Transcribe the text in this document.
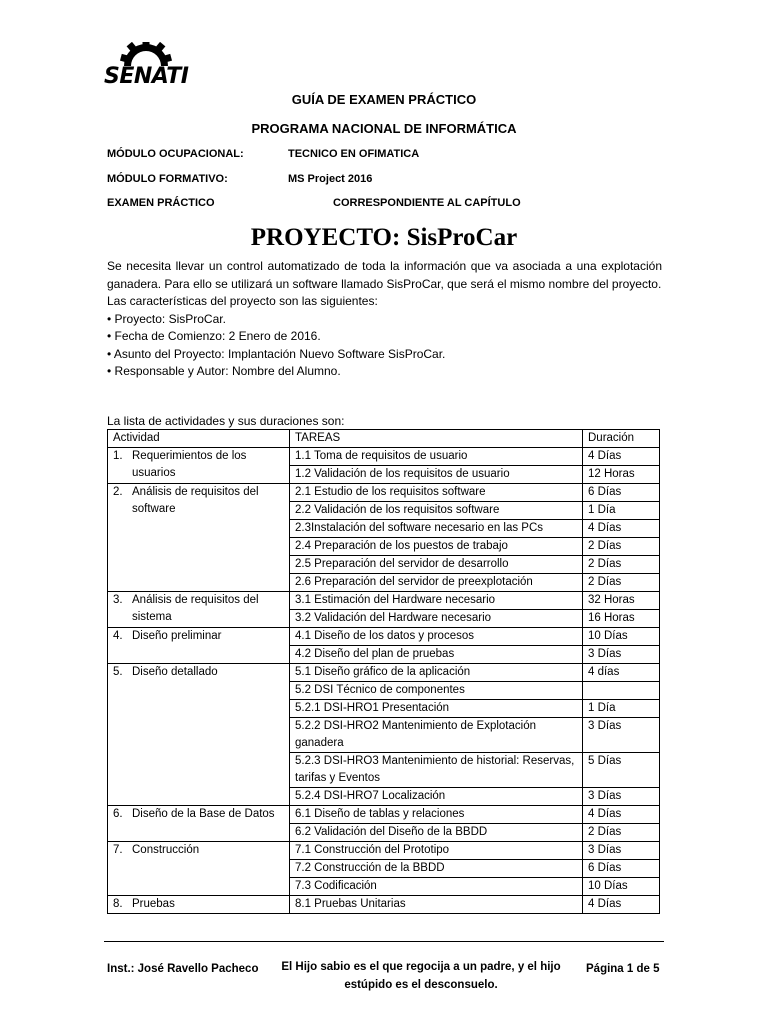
SENATI
GUÍA DE EXAMEN PRÁCTICO
PROGRAMA NACIONAL DE INFORMÁTICA
MÓDULO OCUPACIONAL:	TECNICO EN OFIMATICA
MÓDULO FORMATIVO:	MS Project 2016
EXAMEN PRÁCTICO	CORRESPONDIENTE AL CAPÍTULO
PROYECTO: SisProCar

Se necesita llevar un control automatizado de toda la información que va asociada a una explotación ganadera. Para ello se utilizará un software llamado SisProCar, que será el mismo nombre del proyecto.

Las características del proyecto son las siguientes:

• Proyecto: SisProCar.
• Fecha de Comienzo: 2 Enero de 2016.
• Asunto del Proyecto: Implantación Nuevo Software SisProCar.
• Responsable y Autor: Nombre del Alumno.
La lista de actividades y sus duraciones son:
Actividad	TAREAS	Duración

1. Requerimientos de los usuarios	1.1 Toma de requisitos de usuario	4 Días
	1.2 Validación de los requisitos de usuario	12 Horas

2. Análisis de requisitos del software	2.1 Estudio de los requisitos software	6 Días
	2.2 Validación de los requisitos software	1 Día
	2.3Instalación del software necesario en las PCs	4 Días
	2.4 Preparación de los puestos de trabajo	2 Días
	2.5 Preparación del servidor de desarrollo	2 Días
	2.6 Preparación del servidor de preexplotación	2 Días

3. Análisis de requisitos del sistema	3.1 Estimación del Hardware necesario	32 Horas
	3.2 Validación del Hardware necesario	16 Horas

4. Diseño preliminar	4.1 Diseño de los datos y procesos	10 Días
	4.2 Diseño del plan de pruebas	3 Días

5. Diseño detallado	5.1 Diseño gráfico de la aplicación	4 días
	5.2 DSI Técnico de componentes	
	5.2.1 DSI-HRO1 Presentación	1 Día
	5.2.2 DSI-HRO2 Mantenimiento de Explotación ganadera	3 Días
	5.2.3 DSI-HRO3 Mantenimiento de historial: Reservas, tarifas y Eventos	5 Días
	5.2.4 DSI-HRO7 Localización	3 Días

6. Diseño de la Base de Datos	6.1 Diseño de tablas y relaciones	4 Días
	6.2 Validación del Diseño de la BBDD	2 Días

7. Construcción	7.1 Construcción del Prototipo	3 Días
	7.2 Construcción de la BBDD	6 Días
	7.3 Codificación	10 Días

8. Pruebas	8.1 Pruebas Unitarias	4 Días
Inst.: José Ravello Pacheco	El Hijo sabio es el que regocija a un padre, y el hijo estúpido es el desconsuelo.
Página 1 de 5
